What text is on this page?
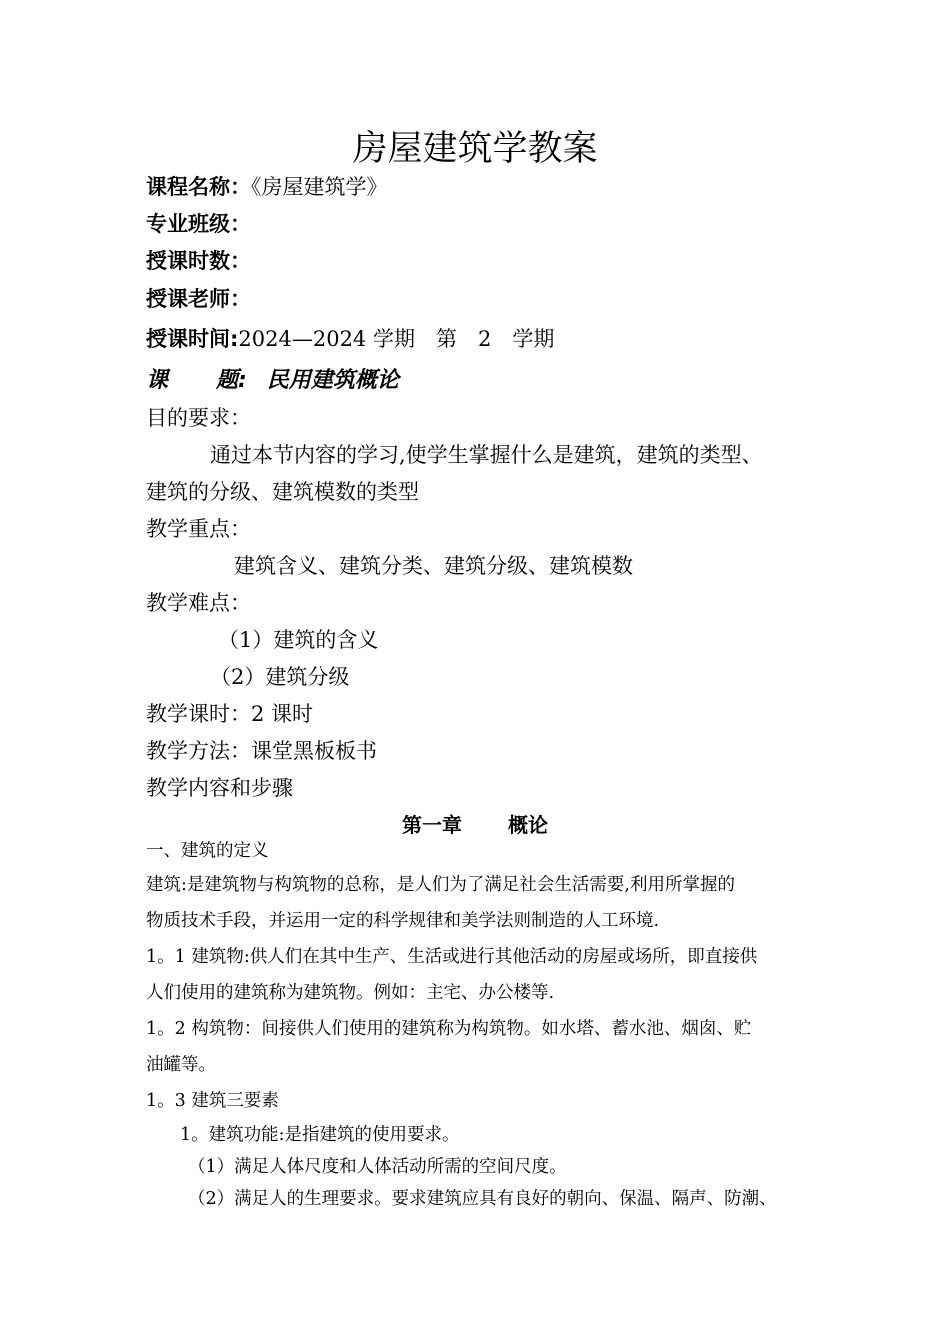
房屋建筑学教案
课程名称：《房屋建筑学》
专业班级：
授课时数：
授课老师：
授课时间:2024—2024 学期　第　2　学期
课 题: 民用建筑概论
目的要求：
通过本节内容的学习,使学生掌握什么是建筑，建筑的类型、
建筑的分级、建筑模数的类型
教学重点：
建筑含义、建筑分类、建筑分级、建筑模数
教学难点：
（1）建筑的含义
（2）建筑分级
教学课时：2 课时
教学方法：课堂黑板板书
教学内容和步骤
第一章 概论
一、建筑的定义
建筑:是建筑物与构筑物的总称，是人们为了满足社会生活需要,利用所掌握的
物质技术手段，并运用一定的科学规律和美学法则制造的人工环境.
1。1 建筑物:供人们在其中生产、生活或进行其他活动的房屋或场所，即直接供
人们使用的建筑称为建筑物。例如：主宅、办公楼等.
1。2 构筑物：间接供人们使用的建筑称为构筑物。如水塔、蓄水池、烟囱、贮
油罐等。
1。3 建筑三要素
1。建筑功能:是指建筑的使用要求。
（1）满足人体尺度和人体活动所需的空间尺度。
（2）满足人的生理要求。要求建筑应具有良好的朝向、保温、隔声、防潮、
